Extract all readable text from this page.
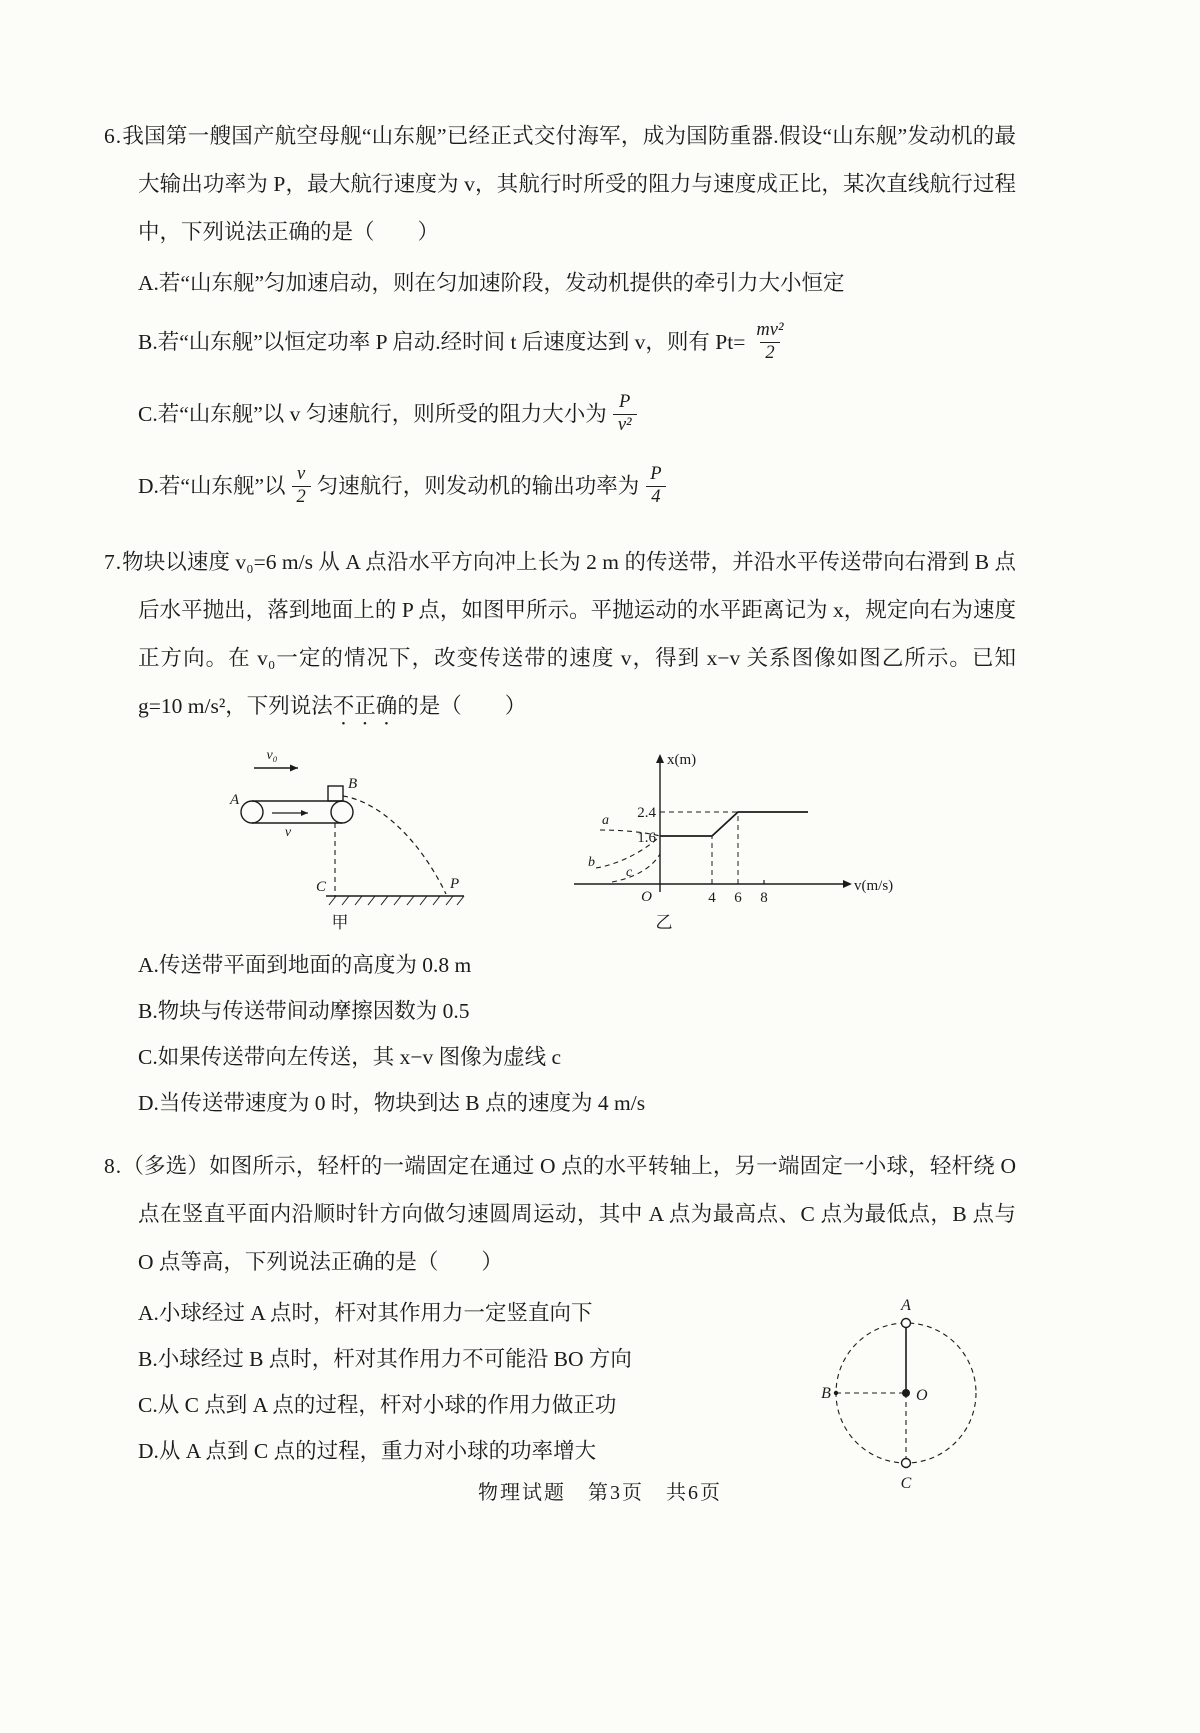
6.我国第一艘国产航空母舰“山东舰”已经正式交付海军，成为国防重器.假设“山东舰”发动机的最大输出功率为 P，最大航行速度为 v，其航行时所受的阻力与速度成正比，某次直线航行过程中，下列说法正确的是（　　）

A.若“山东舰”匀加速启动，则在匀加速阶段，发动机提供的牵引力大小恒定
B.若“山东舰”以恒定功率 P 启动.经时间 t 后速度达到 v，则有 $Pt= \frac{\text{mv²}}{2}$
C.若“山东舰”以 v 匀速航行，则所受的阻力大小为 $\frac{P}{\text{v²}}$
D.若“山东舰”以 $\frac{v}{2}$ 匀速航行，则发动机的输出功率为 $\frac{P}{4}$

7.物块以速度 v₀=6 m/s 从 A 点沿水平方向冲上长为 2 m 的传送带，并沿水平传送带向右滑到 B 点后水平抛出，落到地面上的 P 点，如图甲所示。平抛运动的水平距离记为 x，规定向右为速度正方向。在 v₀一定的情况下，改变传送带的速度 v，得到 x−v 关系图像如图乙所示。已知 g=10 m/s²，下列说法不正确的是（　　）

v₀
A
v
B
C	P
甲
x(m)
v(m/s)
a
b
c
2.4
1.6
O	4 6 8
乙
A.传送带平面到地面的高度为 0.8 m
B.物块与传送带间动摩擦因数为 0.5
C.如果传送带向左传送，其 x−v 图像为虚线 c
D.当传送带速度为 0 时，物块到达 B 点的速度为 4 m/s

8.（多选）如图所示，轻杆的一端固定在通过 O 点的水平转轴上，另一端固定一小球，轻杆绕 O 点在竖直平面内沿顺时针方向做匀速圆周运动，其中 A 点为最高点、C 点为最低点，B 点与 O 点等高，下列说法正确的是（　　）

A.小球经过 A 点时，杆对其作用力一定竖直向下
B.小球经过 B 点时，杆对其作用力不可能沿 BO 方向
C.从 C 点到 A 点的过程，杆对小球的作用力做正功
D.从 A 点到 C 点的过程，重力对小球的功率增大
A
B	O
C
物理试题　第3页　共6页
